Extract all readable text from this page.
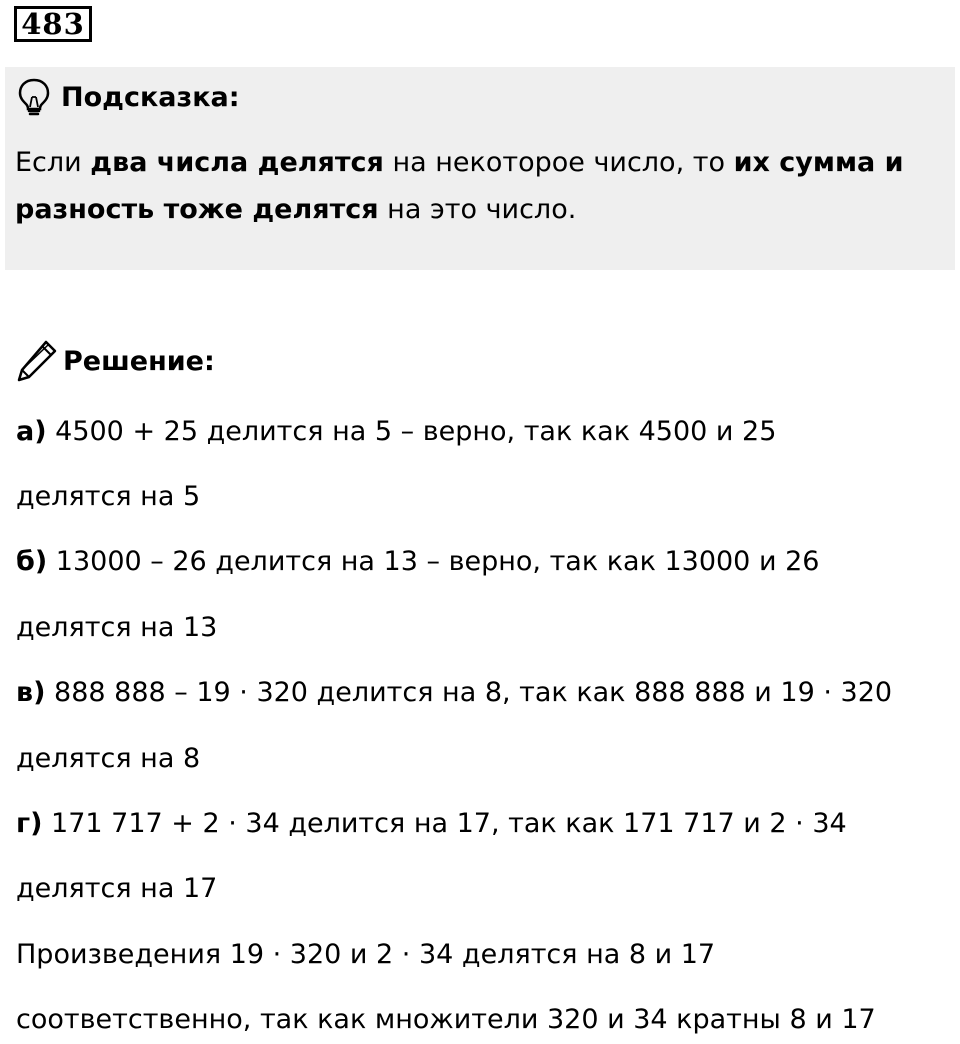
483
Подсказка:
Если два числа делятся на некоторое число, то их сумма и разность тоже делятся на это число.
Решение:
а) 4500 + 25 делится на 5 – верно, так как 4500 и 25
делятся на 5
б) 13000 – 26 делится на 13 – верно, так как 13000 и 26
делятся на 13
в) 888 888 – 19 · 320 делится на 8, так как 888 888 и 19 · 320
делятся на 8
г) 171 717 + 2 · 34 делится на 17, так как 171 717 и 2 · 34
делятся на 17
Произведения 19 · 320 и 2 · 34 делятся на 8 и 17
соответственно, так как множители 320 и 34 кратны 8 и 17
